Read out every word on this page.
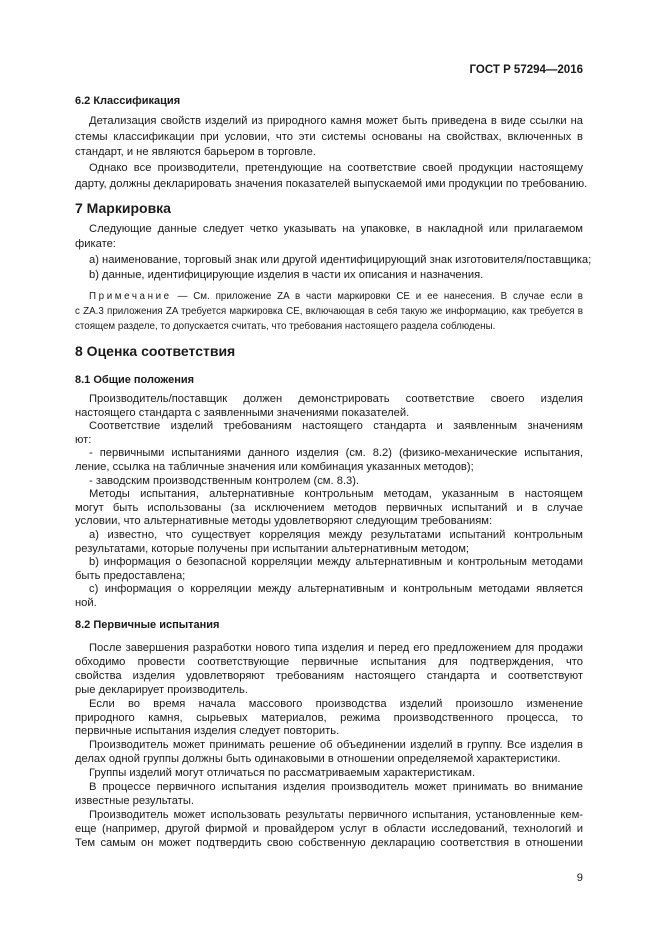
ГОСТ Р 57294—2016
6.2 Классификация
Детализация свойств изделий из природного камня может быть приведена в виде ссылки на
стемы классификации при условии, что эти системы основаны на свойствах, включенных в
стандарт, и не являются барьером в торговле.
Однако все производители, претендующие на соответствие своей продукции настоящему
дарту, должны декларировать значения показателей выпускаемой ими продукции по требованию.
7 Маркировка
Следующие данные следует четко указывать на упаковке, в накладной или прилагаемом
фикате:
а) наименование, торговый знак или другой идентифицирующий знак изготовителя/поставщика;
b) данные, идентифицирующие изделия в части их описания и назначения.
Примечание — См. приложение ZA в части маркировки СЕ и ее нанесения. В случае если в
с ZA.3 приложения ZA требуется маркировка СЕ, включающая в себя такую же информацию, как требуется в
стоящем разделе, то допускается считать, что требования настоящего раздела соблюдены.
8 Оценка соответствия
8.1 Общие положения
Производитель/поставщик должен демонстрировать соответствие своего изделия
настоящего стандарта с заявленными значениями показателей.
Соответствие изделий требованиям настоящего стандарта и заявленным значениям
ют:
- первичными испытаниями данного изделия (см. 8.2) (физико-механические испытания,
ление, ссылка на табличные значения или комбинация указанных методов);
- заводским производственным контролем (см. 8.3).
Методы испытания, альтернативные контрольным методам, указанным в настоящем
могут быть использованы (за исключением методов первичных испытаний и в случае
условии, что альтернативные методы удовлетворяют следующим требованиям:
а) известно, что существует корреляция между результатами испытаний контрольным
результатами, которые получены при испытании альтернативным методом;
b) информация о безопасной корреляции между альтернативным и контрольным методами
быть предоставлена;
с) информация о корреляции между альтернативным и контрольным методами является
ной.
8.2 Первичные испытания
После завершения разработки нового типа изделия и перед его предложением для продажи
обходимо провести соответствующие первичные испытания для подтверждения, что
свойства изделия удовлетворяют требованиям настоящего стандарта и соответствуют
рые декларирует производитель.
Если во время начала массового производства изделий произошло изменение
природного камня, сырьевых материалов, режима производственного процесса, то
первичные испытания изделия следует повторить.
Производитель может принимать решение об объединении изделий в группу. Все изделия в
делах одной группы должны быть одинаковыми в отношении определяемой характеристики.
Группы изделий могут отличаться по рассматриваемым характеристикам.
В процессе первичного испытания изделия производитель может принимать во внимание
известные результаты.
Производитель может использовать результаты первичного испытания, установленные кем-
еще (например, другой фирмой и провайдером услуг в области исследований, технологий и
Тем самым он может подтвердить свою собственную декларацию соответствия в отношении
9
